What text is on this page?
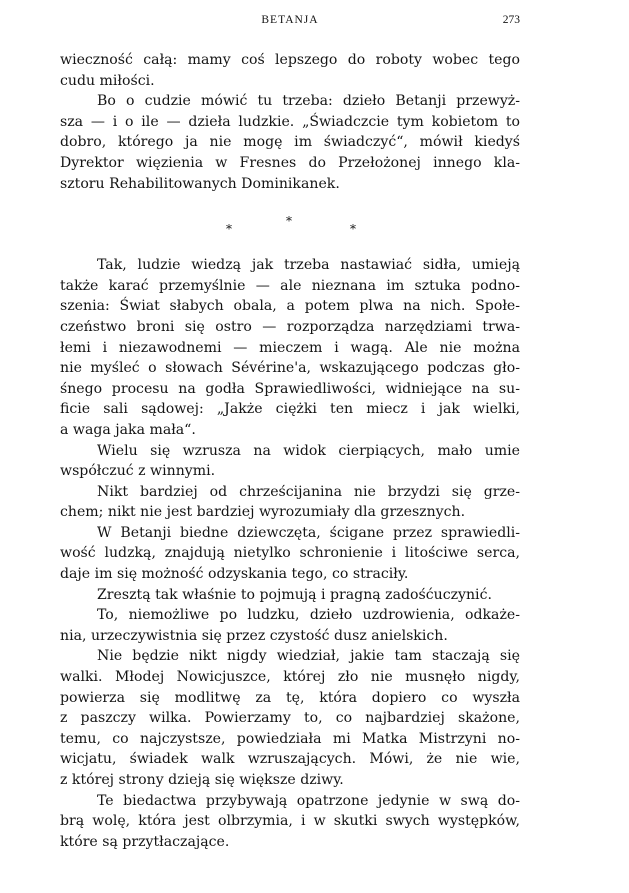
BETANJA	273

wieczność całą: mamy coś lepszego do roboty wobec tego
cudu miłości.

Bo o cudzie mówić tu trzeba: dzieło Betanji przewyż-
sza — i o ile — dzieła ludzkie. „Świadczcie tym kobietom to
dobro, którego ja nie mogę im świadczyć“, mówił kiedyś
Dyrektor więzienia w Fresnes do Przełożonej innego kla-
sztoru Rehabilitowanych Dominikanek.

*
*
*

Tak, ludzie wiedzą jak trzeba nastawiać sidła, umieją
także karać przemyślnie — ale nieznana im sztuka podno-
szenia: Świat słabych obala, a potem plwa na nich. Społe-
czeństwo broni się ostro — rozporządza narzędziami trwa-
łemi i niezawodnemi — mieczem i wagą. Ale nie można
nie myśleć o słowach Sévérine'a, wskazującego podczas gło-
śnego procesu na godła Sprawiedliwości, widniejące na su-
ficie sali sądowej: „Jakże ciężki ten miecz i jak wielki,
a waga jaka mała“.

Wielu się wzrusza na widok cierpiących, mało umie
współczuć z winnymi.

Nikt bardziej od chrześcijanina nie brzydzi się grze-
chem; nikt nie jest bardziej wyrozumiały dla grzesznych.

W Betanji biedne dziewczęta, ścigane przez sprawiedli-
wość ludzką, znajdują nietylko schronienie i litościwe serca,
daje im się możność odzyskania tego, co straciły.

Zresztą tak właśnie to pojmują i pragną zadośćuczynić.

To, niemożliwe po ludzku, dzieło uzdrowienia, odkaże-
nia, urzeczywistnia się przez czystość dusz anielskich.

Nie będzie nikt nigdy wiedział, jakie tam staczają się
walki. Młodej Nowicjuszce, której zło nie musnęło nigdy,
powierza się modlitwę za tę, która dopiero co wyszła
z paszczy wilka. Powierzamy to, co najbardziej skażone,
temu, co najczystsze, powiedziała mi Matka Mistrzyni no-
wicjatu, świadek walk wzruszających. Mówi, że nie wie,
z której strony dzieją się większe dziwy.

Te biedactwa przybywają opatrzone jedynie w swą do-
brą wolę, która jest olbrzymia, i w skutki swych występków,
które są przytłaczające.
